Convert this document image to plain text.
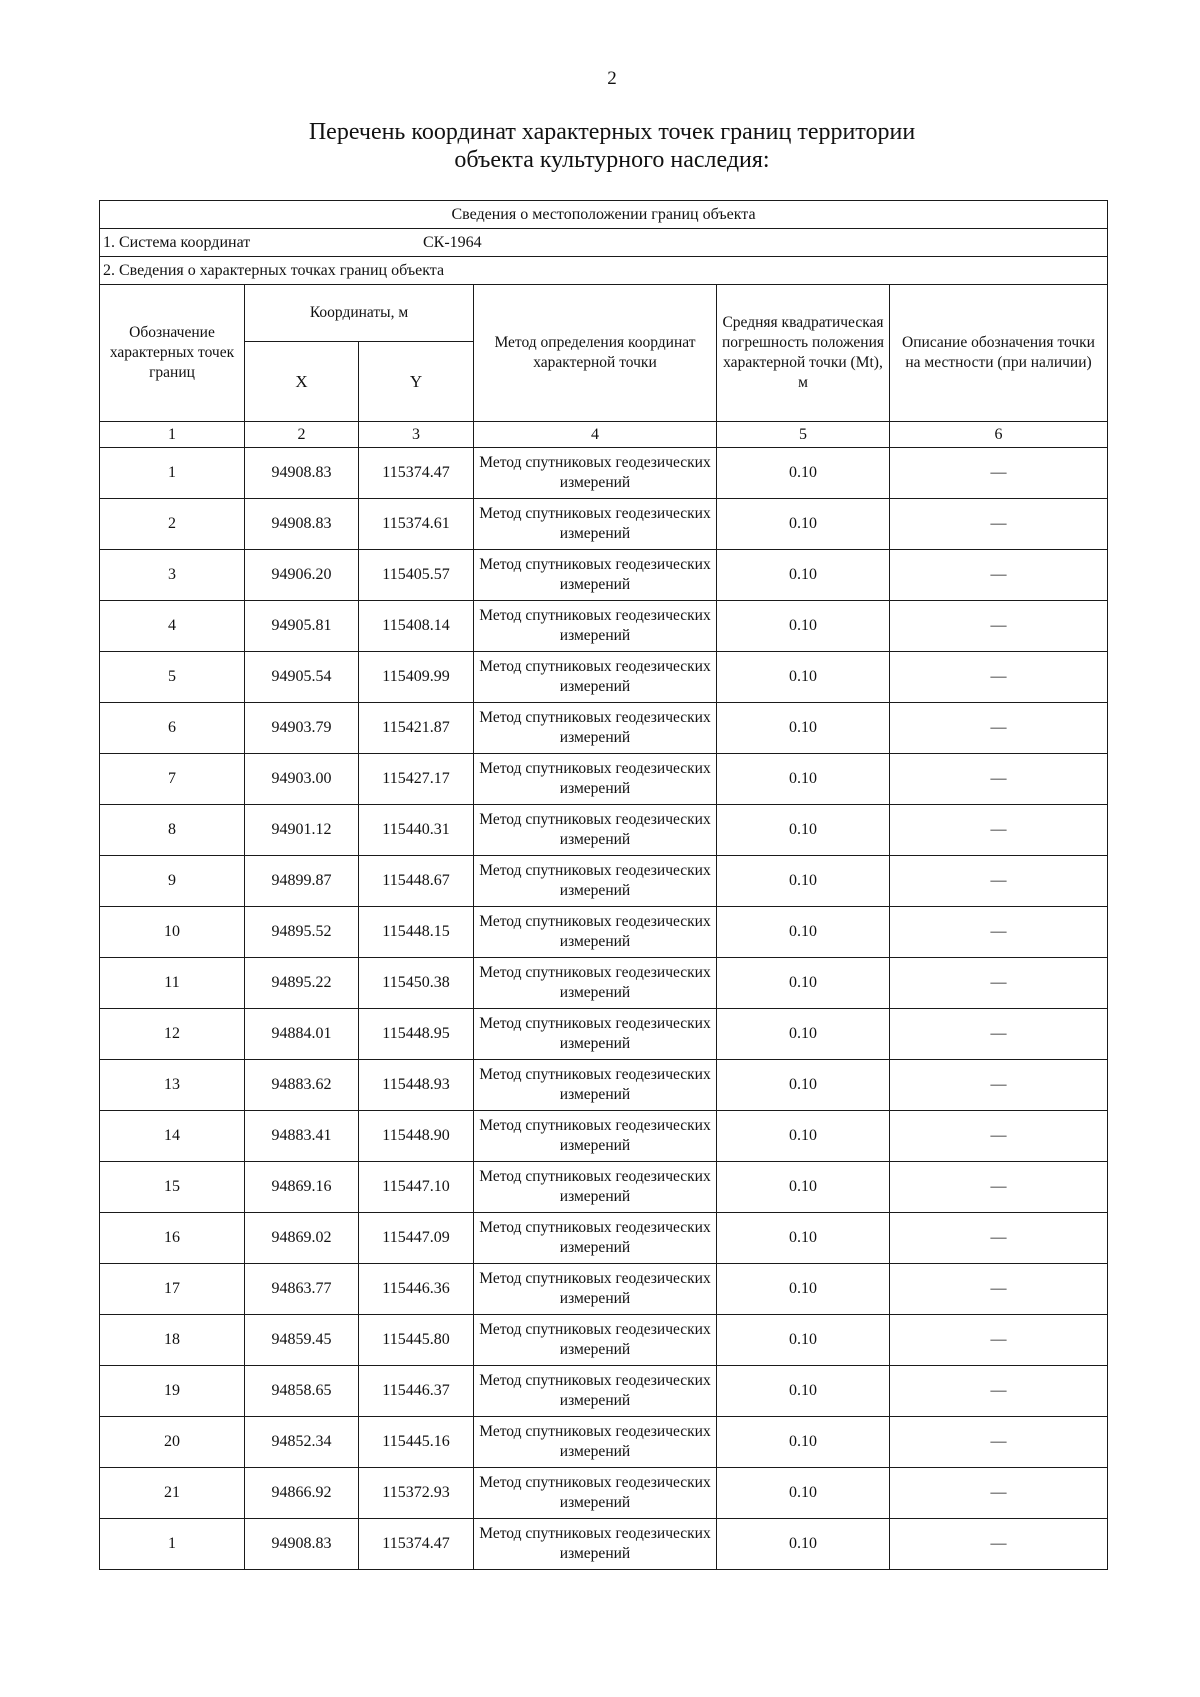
2
Перечень координат характерных точек границ территории
объекта культурного наследия:
Сведения о местоположении границ объекта					
1. Система координат СК-1964					
2. Сведения о характерных точках границ объекта					
Обозначение характерных точек границ	Координаты, м		Метод определения координат характерной точки	Средняя квадратическая погрешность положения характерной точки (Mt), м	Описание обозначения точки на местности (при наличии)
	X	Y			
1	2	3	4	5	6
1	94908.83	115374.47	Метод спутниковых геодезических измерений	0.10	—
2	94908.83	115374.61	Метод спутниковых геодезических измерений	0.10	—
3	94906.20	115405.57	Метод спутниковых геодезических измерений	0.10	—
4	94905.81	115408.14	Метод спутниковых геодезических измерений	0.10	—
5	94905.54	115409.99	Метод спутниковых геодезических измерений	0.10	—
6	94903.79	115421.87	Метод спутниковых геодезических измерений	0.10	—
7	94903.00	115427.17	Метод спутниковых геодезических измерений	0.10	—
8	94901.12	115440.31	Метод спутниковых геодезических измерений	0.10	—
9	94899.87	115448.67	Метод спутниковых геодезических измерений	0.10	—
10	94895.52	115448.15	Метод спутниковых геодезических измерений	0.10	—
11	94895.22	115450.38	Метод спутниковых геодезических измерений	0.10	—
12	94884.01	115448.95	Метод спутниковых геодезических измерений	0.10	—
13	94883.62	115448.93	Метод спутниковых геодезических измерений	0.10	—
14	94883.41	115448.90	Метод спутниковых геодезических измерений	0.10	—
15	94869.16	115447.10	Метод спутниковых геодезических измерений	0.10	—
16	94869.02	115447.09	Метод спутниковых геодезических измерений	0.10	—
17	94863.77	115446.36	Метод спутниковых геодезических измерений	0.10	—
18	94859.45	115445.80	Метод спутниковых геодезических измерений	0.10	—
19	94858.65	115446.37	Метод спутниковых геодезических измерений	0.10	—
20	94852.34	115445.16	Метод спутниковых геодезических измерений	0.10	—
21	94866.92	115372.93	Метод спутниковых геодезических измерений	0.10	—
1	94908.83	115374.47	Метод спутниковых геодезических измерений	0.10	—
